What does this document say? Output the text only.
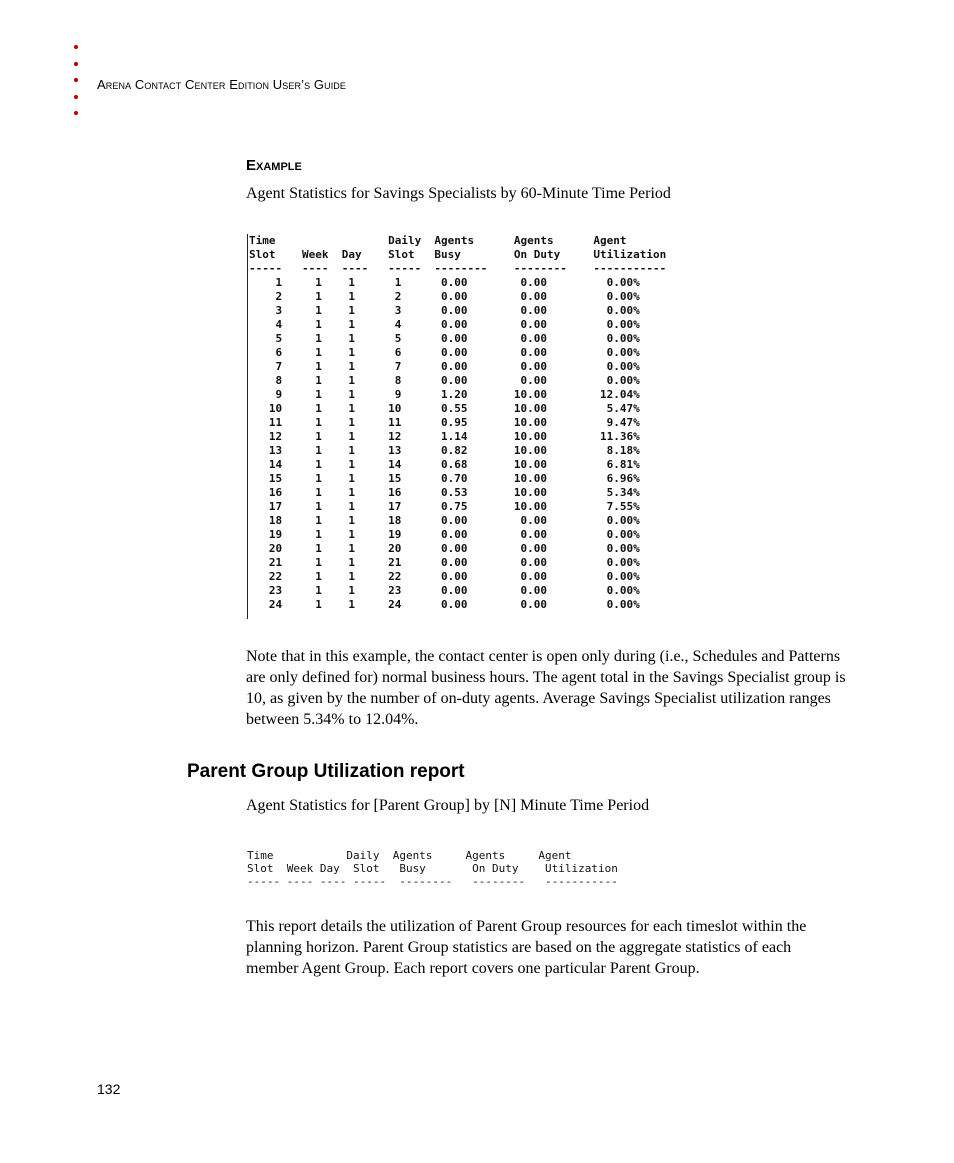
Arena Contact Center Edition User’s Guide
Example
Agent Statistics for Savings Specialists by 60-Minute Time Period
Time                 Daily  Agents      Agents      Agent
Slot    Week  Day    Slot   Busy        On Duty     Utilization
-----   ----  ----   -----  --------    --------    -----------
1     1    1      1      0.00        0.00         0.00%
2     1    1      2      0.00        0.00         0.00%
3     1    1      3      0.00        0.00         0.00%
4     1    1      4      0.00        0.00         0.00%
5     1    1      5      0.00        0.00         0.00%
6     1    1      6      0.00        0.00         0.00%
7     1    1      7      0.00        0.00         0.00%
8     1    1      8      0.00        0.00         0.00%
9     1    1      9      1.20       10.00        12.04%
10     1    1     10      0.55       10.00         5.47%
11     1    1     11      0.95       10.00         9.47%
12     1    1     12      1.14       10.00        11.36%
13     1    1     13      0.82       10.00         8.18%
14     1    1     14      0.68       10.00         6.81%
15     1    1     15      0.70       10.00         6.96%
16     1    1     16      0.53       10.00         5.34%
17     1    1     17      0.75       10.00         7.55%
18     1    1     18      0.00        0.00         0.00%
19     1    1     19      0.00        0.00         0.00%
20     1    1     20      0.00        0.00         0.00%
21     1    1     21      0.00        0.00         0.00%
22     1    1     22      0.00        0.00         0.00%
23     1    1     23      0.00        0.00         0.00%
24     1    1     24      0.00        0.00         0.00%
Note that in this example, the contact center is open only during (i.e., Schedules and Patterns are only defined for) normal business hours. The agent total in the Savings Specialist group is 10, as given by the number of on-duty agents. Average Savings Specialist utilization ranges between 5.34% to 12.04%.
Parent Group Utilization report
Agent Statistics for [Parent Group] by [N] Minute Time Period
Time           Daily  Agents     Agents     Agent
Slot  Week Day  Slot   Busy       On Duty    Utilization
----- ---- ---- -----  --------   --------   -----------
This report details the utilization of Parent Group resources for each timeslot within the planning horizon. Parent Group statistics are based on the aggregate statistics of each member Agent Group. Each report covers one particular Parent Group.
132
